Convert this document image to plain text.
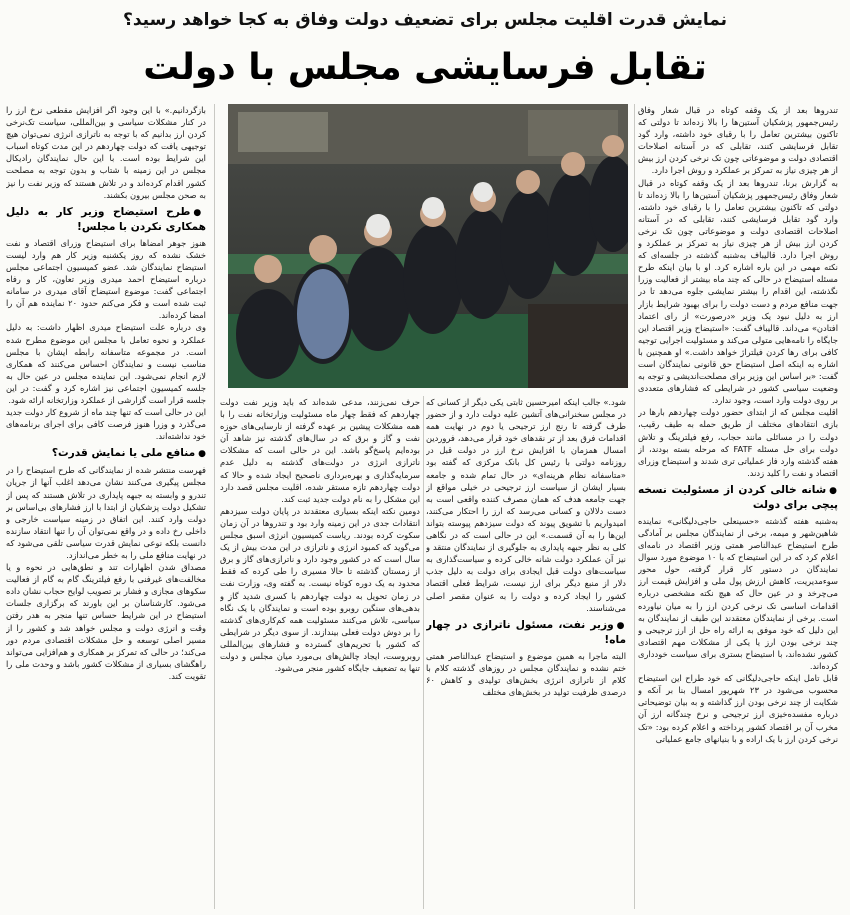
نمایش قدرت اقلیت مجلس برای تضعیف دولت وفاق به کجا خواهد رسید؟
تقابل فرسایشی مجلس با دولت

تندروها بعد از یک وقفه کوتاه در قبال شعار وفاق رئیس‌جمهور پزشکیان آستین‌ها را بالا زده‌اند تا دولتی که تاکنون بیشترین تعامل را با رقبای خود داشته، وارد گود تقابل فرسایشی کنند، تقابلی که در آستانه اصلاحات اقتصادی دولت و موضوعاتی چون تک نرخی کردن ارز بیش از هر چیزی نیاز به تمرکز بر عملکرد و روش اجرا دارد.

به گزارش برنا، تندروها بعد از یک وقفه کوتاه در قبال شعار وفاق رئیس‌جمهور پزشکیان آستین‌ها را بالا زده‌اند تا دولتی که تاکنون بیشترین تعامل را با رقبای خود داشته، وارد گود تقابل فرسایشی کنند، تقابلی که در آستانه اصلاحات اقتصادی دولت و موضوعاتی چون تک نرخی کردن ارز بیش از هر چیزی نیاز به تمرکز بر عملکرد و روش اجرا دارد. قالیباف به‌شنبه گذشته در جلسه‌ای که نکته مهمی در این باره اشاره کرد. او با بیان اینکه طرح مسئله استیضاح در حالی که چند ماه بیشتر از فعالیت وزرا نگذشته، این اقدام را بیشتر نمایشی جلوه می‌دهد تا در جهت منافع مردم و دست دولت را برای بهبود شرایط بازار ارز به دلیل نبود یک وزیر «درصورت» از رای اعتماد افتادن» می‌داند. قالیباف گفت: «استیضاح وزیر اقتصاد این جایگاه را نامه‌هایی متولی می‌کند و مسئولیت اجرایی توجیه کافی برای رها کردن فیلتراژ خواهد داشت.» او همچنین با اشاره به اینکه اصل استیضاح حق قانونی نمایندگان است گفت: «بر اساس این وزیر برای مصلحت‌اندیشی و توجه به وضعیت سیاسی کشور در شرایطی که فشارهای متعددی بر روی دولت وارد است، وجود ندارد.

اقلیت مجلس که از ابتدای حضور دولت چهاردهم بارها در بازی انتقادهای مختلف از طریق حمله به طیف رقیب، دولت را در مسائلی مانند حجاب، رفع فیلترینگ و تلاش دولت برای حل مسئله FATF که مرحله بسته بودند، از هفته گذشته وارد فاز عملیاتی تری شدند و استیضاح وزرای اقتصاد و نفت را کلید زدند.

●شانه خالی کردن از مسئولیت نسخه‌ پیچی برای دولت

به‌شنبه هفته گذشته «حسینعلی حاجی‌دلیگانی» نماینده شاهین‌شهر و میمه، برخی از نمایندگان مجلس بر آمادگی طرح استیضاح عبدالناصر همتی وزیر اقتصاد در نامه‌ای اعلام کرد که در این استیضاح که با ۱۰ موضوع مورد سوال نمایندگان در دستور کار قرار گرفته، حول محور سوءمدیریت، کاهش ارزش پول ملی و افزایش قیمت ارز می‌چرخد و در عین حال که هیچ نکته مشخصی درباره اقدامات اساسی تک نرخی کردن ارز را به میان نیاورده است. برخی از نمایندگان معتقدند این طیف از نمایندگان به این دلیل که خود موفق به ارائه راه حل از ارز ترجیحی و چند نرخی بودن ارز یا یکی از مشکلات مهم اقتصادی کشور نشده‌اند، با استیضاح بستری برای سیاست خودداری کرده‌اند.

قابل تامل اینکه حاجی‌دلیگانی که خود طراح این استیضاح محسوب می‌شود در ۲۳ شهریور امسال بنا بر آنکه و شکایت از چند نرخی بودن ارز گذاشته و به بیان توضیحاتی درباره مفسده‌خیزی ارز ترجیحی و نرخ چندگانه ارز آن مخرب آن بر اقتصاد کشور پرداخته و اعلام کرده بود: «تک نرخی کردن ارز با یک اراده و با بنیانهای جامع عملیاتی

شود.» جالب اینکه امیرحسین ثابتی یکی دیگر از کسانی که در مجلس سخنرانی‌های آتشین علیه دولت دارد و از حضور طرف گرفته تا رنج ارز ترجیحی یا دوم در نهایت همه اقدامات فرق بعد از تر نقدهای خود قرار می‌دهد، فروردین امسال همزمان با افزایش نرخ ارز در دولت قبل در روزنامه دولتی با رئیس کل بانک مرکزی که گفته بود «متاسفانه نظام هرینه‌ای» در حال تمام شده و جامعه بسیار ایشان از سیاست ارز ترجیحی در خیلی مواقع از جهت جامعه هدف که همان مصرف کننده واقعی است به دست دلالان و کسانی می‌رسد که ارز را احتکار می‌کنند، امیدواریم با تشویق پیوند که دولت سیزدهم پیوسته بتواند این‌ها را به آن قسمت.» این در حالی است که در نگاهی کلی به نظر جبهه پایداری به جلوگیری از نمایندگان منتقد و نیز آن عملکرد دولت شانه خالی کرده و سیاست‌گذاری به سیاست‌های دولت قبل ایجادی برای دولت به دلیل جذب دلار از منبع دیگر برای ارز نیست، شرایط فعلی اقتصاد کشور را ایجاد کرده و دولت را به عنوان مقصر اصلی می‌شناسند.

●وزیر نفت، مسئول ناترازی در چهار ماه!

البته ماجرا به همین موضوع و استیضاح عبدالناصر همتی ختم نشده و نمایندگان مجلس در روزهای گذشته کلام با کلام از ناترازی انرژی بخش‌های تولیدی و کاهش ۶۰ درصدی ظرفیت تولید در بخش‌های مختلف

حرف نمی‌زنند، مدعی شده‌اند که باید وزیر نفت دولت چهاردهم که فقط چهار ماه مسئولیت وزارتخانه نفت را با همه مشکلات پیشین بر عهده گرفته از نارسایی‌های حوزه نفت و گاز و برق که در سال‌های گذشته نیز شاهد آن بوده‌ایم پاسخ‌گو باشد. این در حالی است که مشکلات ناترازی انرژی در دولت‌های گذشته به دلیل عدم سرمایه‌گذاری و بهره‌برداری ناصحیح ایجاد شده و حالا که دولت چهاردهم تازه مستقر شده، اقلیت مجلس قصد دارد این مشکل را به نام دولت جدید ثبت کند.

دومین نکته اینکه بسیاری معتقدند در پایان دولت سیزدهم انتقادات جدی در این زمینه وارد بود و تندروها در آن زمان سکوت کرده بودند. ریاست کمیسیون انرژی اسبق مجلس می‌گوید که کمبود انرژی و ناترازی در این مدت بیش از یک سال است که در کشور وجود دارد و ناترازی‌های گاز و برق از زمستان گذشته تا حالا مسیری را طی کرده که فقط محدود به یک دوره کوتاه نیست. به گفته وی، وزارت نفت در زمان تحویل به دولت چهاردهم با کسری شدید گاز و بدهی‌های سنگین روبرو بوده است و نمایندگان با یک نگاه سیاسی، تلاش می‌کنند مسئولیت همه کم‌کاری‌های گذشته را بر دوش دولت فعلی بیندازند. از سوی دیگر در شرایطی که کشور با تحریم‌های گسترده و فشارهای بین‌المللی روبروست، ایجاد چالش‌های بی‌مورد میان مجلس و دولت تنها به تضعیف جایگاه کشور منجر می‌شود.

بازگردانیم.» با این وجود اگر افزایش مقطعی نرخ ارز را در کنار مشکلات سیاسی و بین‌المللی، سیاست تک‌نرخی کردن ارز بدانیم که با توجه به ناترازی انرژی نمی‌توان هیچ توجیهی یافت که دولت چهاردهم در این مدت کوتاه اسباب این شرایط بوده است. با این حال نمایندگان رادیکال مجلس در این زمینه با شتاب و بدون توجه به مصلحت کشور اقدام کرده‌اند و در تلاش هستند که وزیر نفت را نیز به صحن مجلس بیرون بکشند.

●طرح استیضاح وزیر کار به دلیل همکاری نکردن با مجلس!

هنوز جوهر امضاها برای استیضاح وزرای اقتصاد و نفت خشک نشده که روز یکشنبه وزیر کار هم وارد لیست استیضاح نمایندگان شد. عضو کمیسیون اجتماعی مجلس درباره استیضاح احمد میدری وزیر تعاون، کار و رفاه اجتماعی گفت: موضوع استیضاح آقای میدری در سامانه ثبت شده است و فکر می‌کنم حدود ۲۰ نماینده هم آن را امضا کرده‌اند.

وی درباره علت استیضاح میدری اظهار داشت: به دلیل عملکرد و نحوه تعامل با مجلس این موضوع مطرح شده است. در مجموعه متاسفانه رابطه ایشان با مجلس مناسب نیست و نمایندگان احساس می‌کنند که همکاری لازم انجام نمی‌شود. این نماینده مجلس در عین حال به جلسه کمیسیون اجتماعی نیز اشاره کرد و گفت: در این جلسه قرار است گزارشی از عملکرد وزارتخانه ارائه شود.

این در حالی است که تنها چند ماه از شروع کار دولت جدید می‌گذرد و وزرا هنوز فرصت کافی برای اجرای برنامه‌های خود نداشته‌اند.

●منافع ملی یا نمایش قدرت؟

فهرست منتشر شده از نمایندگانی که طرح استیضاح را در مجلس پیگیری می‌کنند نشان می‌دهد اغلب آنها از جریان تندرو و وابسته به جبهه پایداری در تلاش هستند که پس از تشکیل دولت پزشکیان از ابتدا با ارز فشارهای بی‌اساس بر دولت وارد کنند. این اتفاق در زمینه سیاست خارجی و داخلی رخ داده و در واقع نمی‌توان آن را تنها انتقاد سازنده دانست بلکه نوعی نمایش قدرت سیاسی تلقی می‌شود که در نهایت منافع ملی را به خطر می‌اندازد.

مصداق شدن اظهارات تند و نطق‌هایی در نحوه و یا مخالفت‌های غیرفنی با رفع فیلترینگ گام به گام از فعالیت سکوهای مجازی و فشار بر تصویب لوایح حجاب نشان داده می‌شود. کارشناسان بر این باورند که برگزاری جلسات استیضاح در این شرایط حساس تنها منجر به هدر رفتن وقت و انرژی دولت و مجلس خواهد شد و کشور را از مسیر اصلی توسعه و حل مشکلات اقتصادی مردم دور می‌کند؛ در حالی که تمرکز بر همکاری و هم‌افزایی می‌تواند راهگشای بسیاری از مشکلات کشور باشد و وحدت ملی را تقویت کند.
